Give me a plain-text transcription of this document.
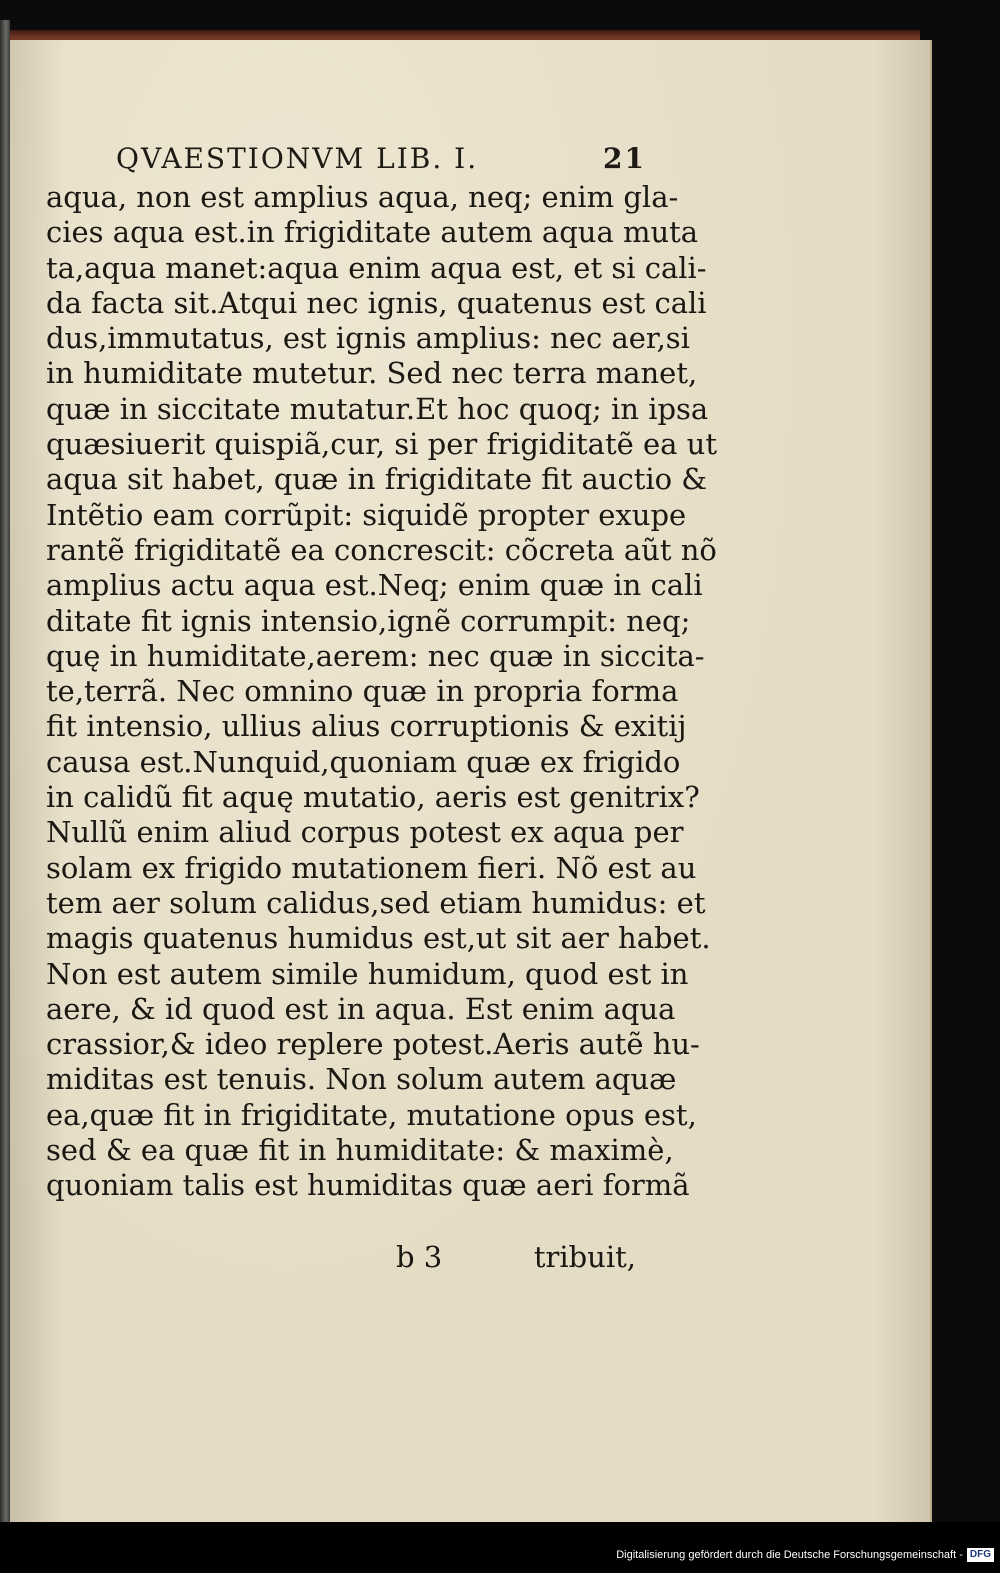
QVAESTIONVM LIB. I.	21
aqua, non est amplius aqua, neq; enim gla-
cies aqua est.in frigiditate autem aqua muta
ta,aqua manet:aqua enim aqua est, et si cali-
da facta sit.Atqui nec ignis, quatenus est cali
dus,immutatus, est ignis amplius: nec aer,si
in humiditate mutetur. Sed nec terra manet,
quæ in siccitate mutatur.Et hoc quoq; in ipsa
quæsiuerit quispiã,cur, si per frigiditatẽ ea ut
aqua sit habet, quæ in frigiditate fit auctio &
Intẽtio eam corrũpit: siquidẽ propter exupe
rantẽ frigiditatẽ ea concrescit: cõcreta aũt nõ
amplius actu aqua est.Neq; enim quæ in cali
ditate fit ignis intensio,ignẽ corrumpit: neq;
quę in humiditate,aerem: nec quæ in siccita-
te,terrã. Nec omnino quæ in propria forma
fit intensio, ullius alius corruptionis & exitij
causa est.Nunquid,quoniam quæ ex frigido
in calidũ fit aquę mutatio, aeris est genitrix?
Nullũ enim aliud corpus potest ex aqua per
solam ex frigido mutationem fieri. Nõ est au
tem aer solum calidus,sed etiam humidus: et
magis quatenus humidus est,ut sit aer habet.
Non est autem simile humidum, quod est in
aere, & id quod est in aqua. Est enim aqua
crassior,& ideo replere potest.Aeris autẽ hu-
miditas est tenuis. Non solum autem aquæ
ea,quæ fit in frigiditate, mutatione opus est,
sed & ea quæ fit in humiditate: & maximè,
quoniam talis est humiditas quæ aeri formã
b 3	tribuit,
Digitalisierung gefördert durch die Deutsche Forschungsgemeinschaft - DFG
